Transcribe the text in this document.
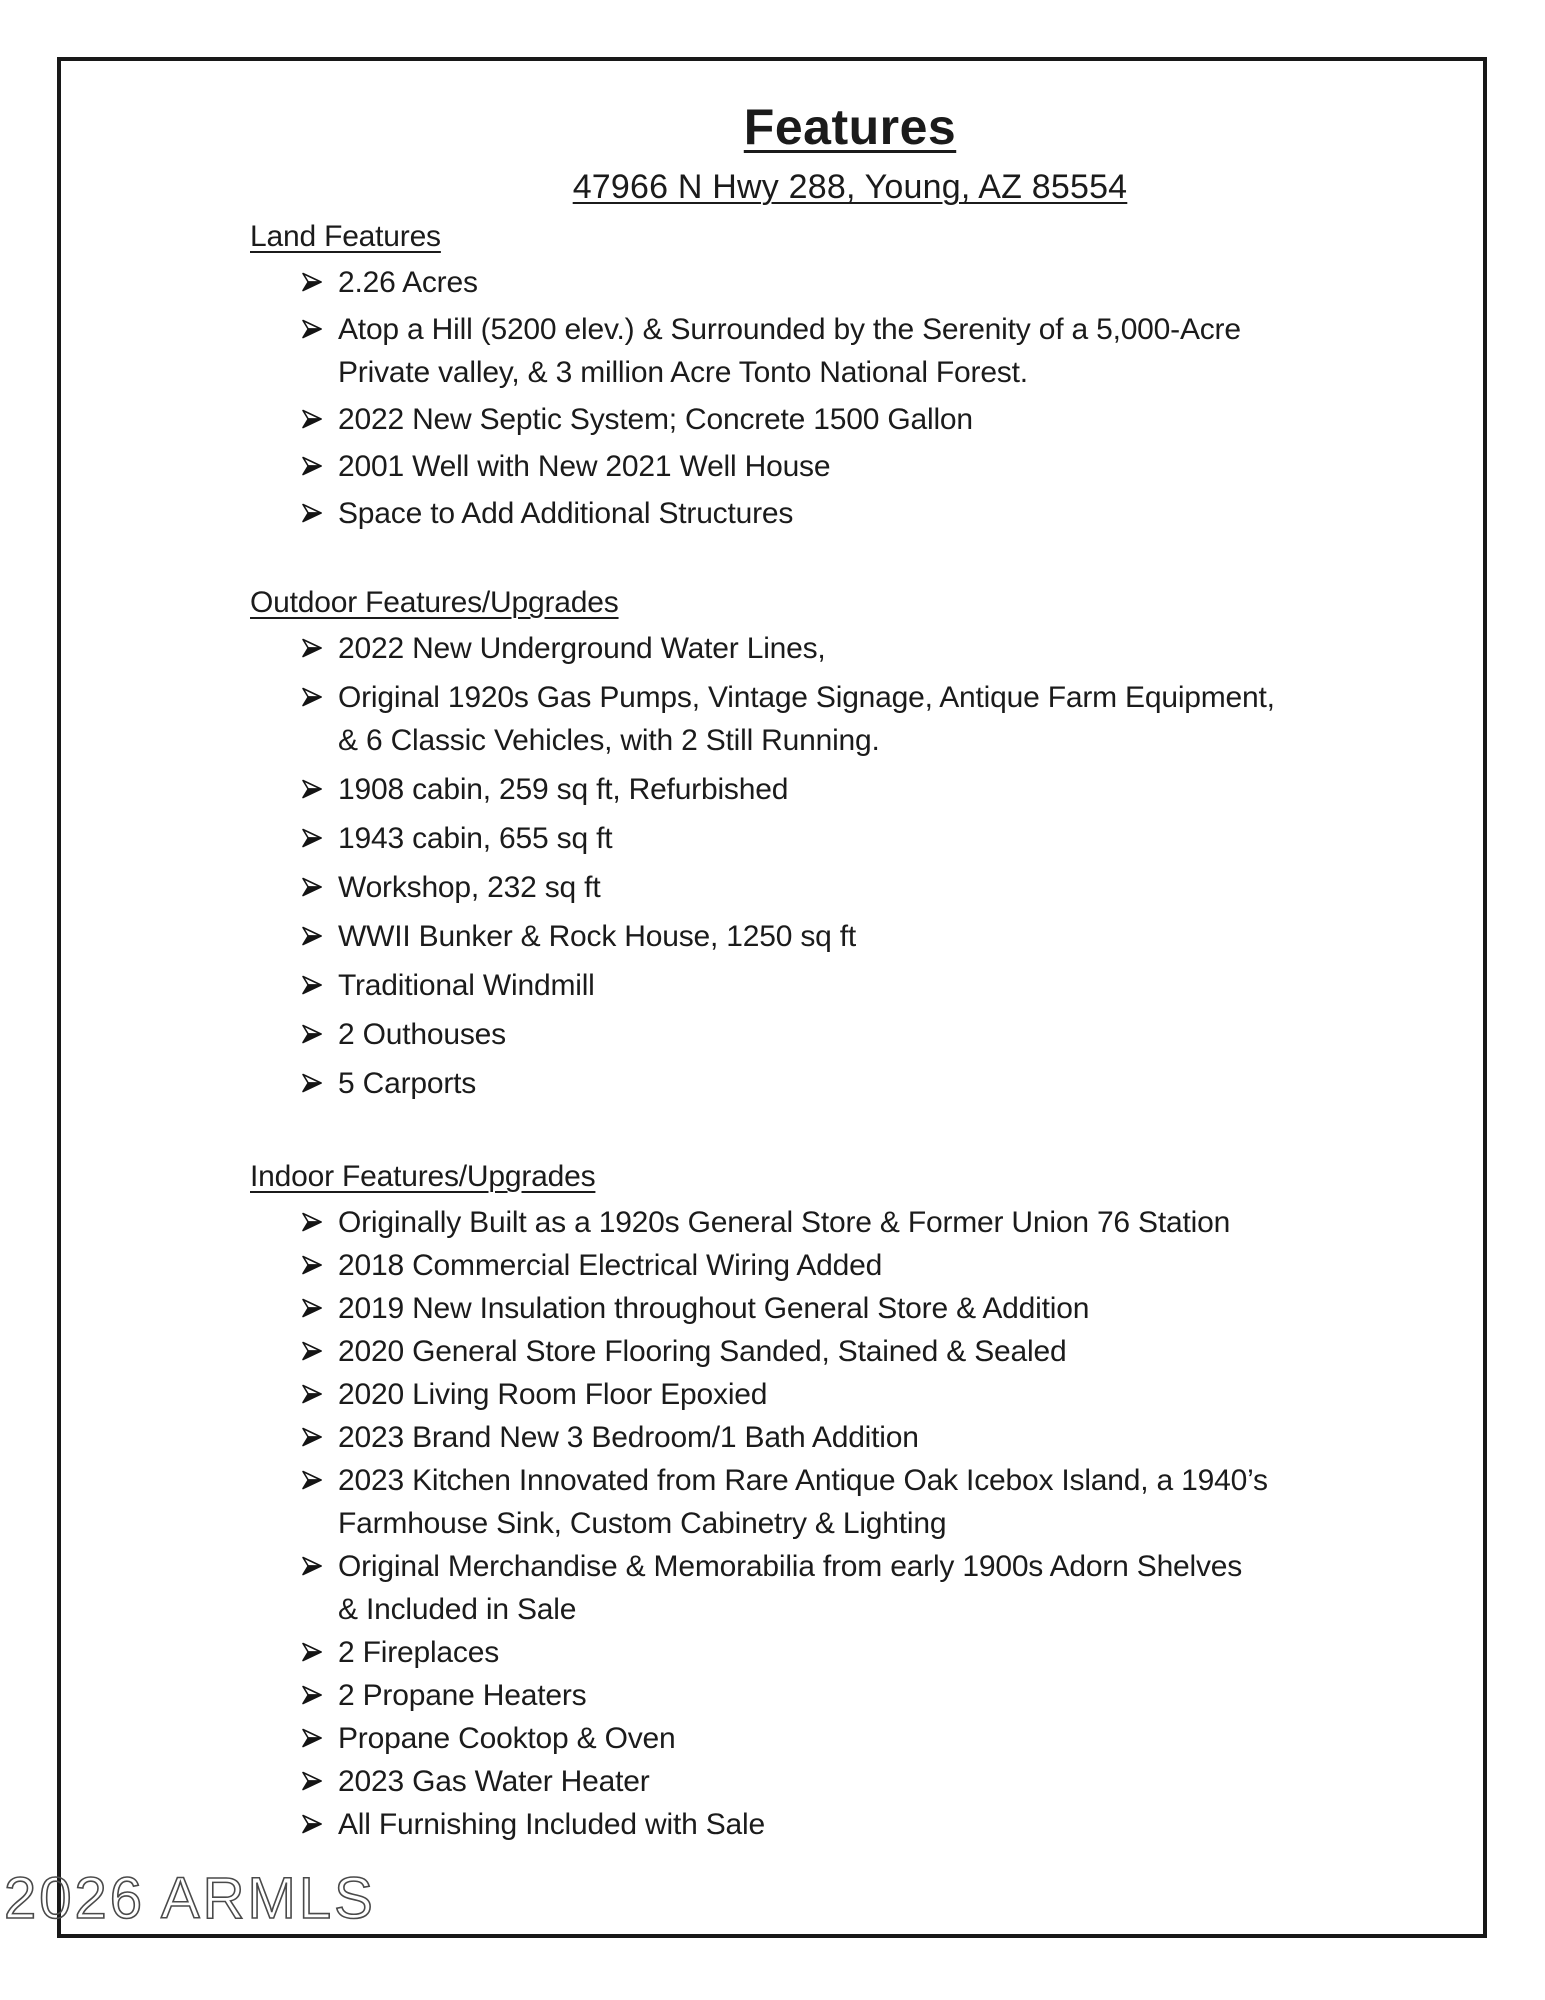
Features
47966 N Hwy 288, Young, AZ 85554
Land Features
2.26 Acres
Atop a Hill (5200 elev.) & Surrounded by the Serenity of a 5,000-Acre
Private valley, & 3 million Acre Tonto National Forest.
2022 New Septic System; Concrete 1500 Gallon
2001 Well with New 2021 Well House
Space to Add Additional Structures
Outdoor Features/Upgrades
2022 New Underground Water Lines,
Original 1920s Gas Pumps, Vintage Signage, Antique Farm Equipment,
& 6 Classic Vehicles, with 2 Still Running.
1908 cabin, 259 sq ft, Refurbished
1943 cabin, 655 sq ft
Workshop, 232 sq ft
WWII Bunker & Rock House, 1250 sq ft
Traditional Windmill
2 Outhouses
5 Carports
Indoor Features/Upgrades
Originally Built as a 1920s General Store & Former Union 76 Station
2018 Commercial Electrical Wiring Added
2019 New Insulation throughout General Store & Addition
2020 General Store Flooring Sanded, Stained & Sealed
2020 Living Room Floor Epoxied
2023 Brand New 3 Bedroom/1 Bath Addition
2023 Kitchen Innovated from Rare Antique Oak Icebox Island, a 1940’s
Farmhouse Sink, Custom Cabinetry & Lighting
Original Merchandise & Memorabilia from early 1900s Adorn Shelves
& Included in Sale
2 Fireplaces
2 Propane Heaters
Propane Cooktop & Oven
2023 Gas Water Heater
All Furnishing Included with Sale
2026 ARMLS
